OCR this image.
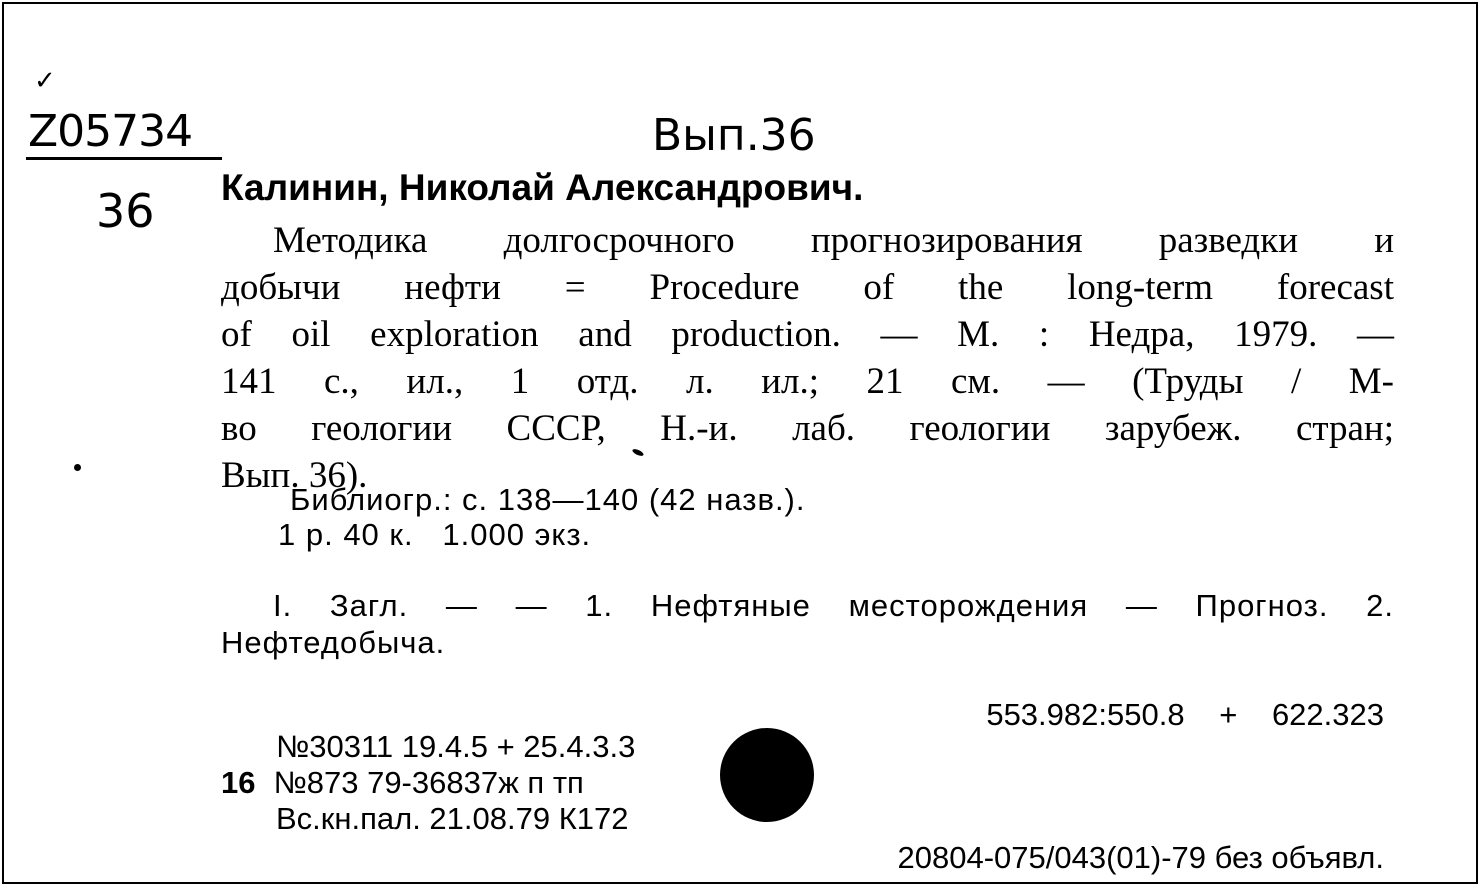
✓
Z05734
36
Вып.36
Калинин, Николай Александрович.
Методика долгосрочного прогнозирования разведки и
добычи нефти = Procedure of the long-term forecast
of oil exploration and production. — М. : Недра, 1979. —
141 с., ил., 1 отд. л. ил.; 21 см. — (Труды / М-
во геологии СССР, Н.-и. лаб. геологии зарубеж. стран;
Вып. 36).
Библиогр.: с. 138—140 (42 назв.).
1 р. 40 к.   1.000 экз.
I. Загл. — — 1. Нефтяные месторождения — Прогноз. 2.
Нефтедобыча.
553.982:550.8 + 622.323
№30311 19.4.5 + 25.4.3.3
16 №873 79-36837ж п тп
Вс.кн.пал. 21.08.79 К172
20804-075/043(01)-79 без объявл.
